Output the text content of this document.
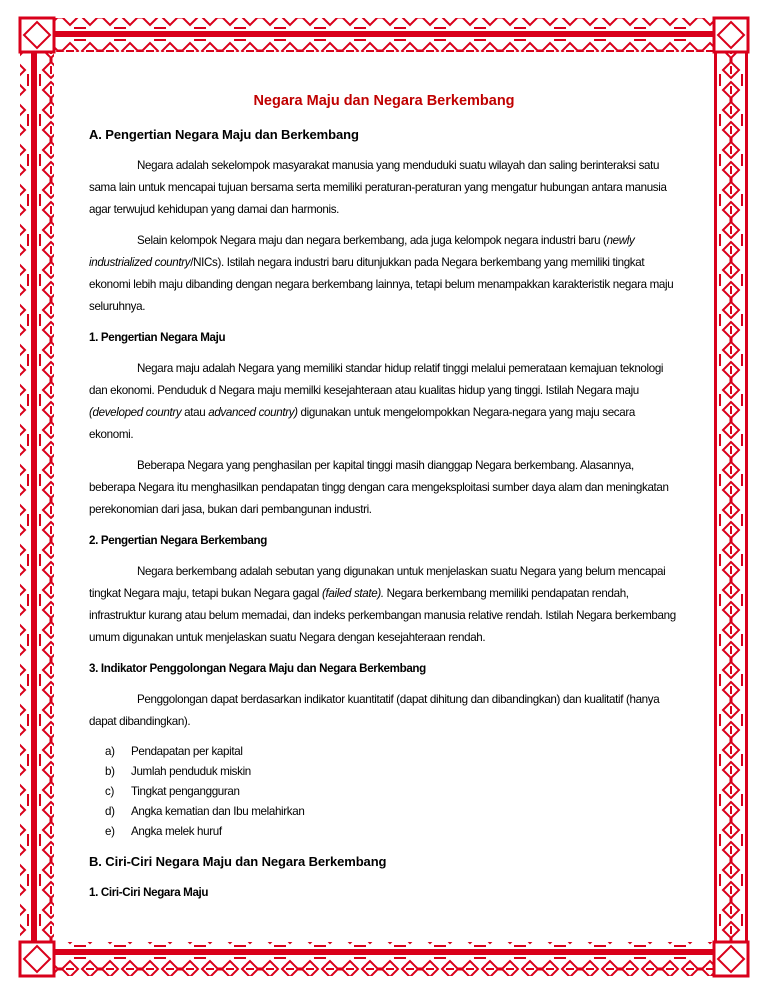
Negara Maju dan Negara Berkembang
A. Pengertian Negara Maju dan Berkembang

Negara adalah sekelompok masyarakat manusia yang menduduki suatu wilayah dan saling berinteraksi satu sama lain untuk mencapai tujuan bersama serta memiliki peraturan-peraturan yang mengatur hubungan antara manusia agar terwujud kehidupan yang damai dan harmonis.

Selain kelompok Negara maju dan negara berkembang, ada juga kelompok negara industri baru (newly industrialized country/NICs). Istilah negara industri baru ditunjukkan pada Negara berkembang yang memiliki tingkat ekonomi lebih maju dibanding dengan negara berkembang lainnya, tetapi belum menampakkan karakteristik negara maju seluruhnya.

1. Pengertian Negara Maju

Negara maju adalah Negara yang memiliki standar hidup relatif tinggi melalui pemerataan kemajuan teknologi dan ekonomi. Penduduk d Negara maju memilki kesejahteraan atau kualitas hidup yang tinggi. Istilah Negara maju (developed country atau advanced country) digunakan untuk mengelompokkan Negara-negara yang maju secara ekonomi.

Beberapa Negara yang penghasilan per kapital tinggi masih dianggap Negara berkembang. Alasannya, beberapa Negara itu menghasilkan pendapatan tingg dengan cara mengeksploitasi sumber daya alam dan meningkatan perekonomian dari jasa, bukan dari pembangunan industri.

2. Pengertian Negara Berkembang

Negara berkembang adalah sebutan yang digunakan untuk menjelaskan suatu Negara yang belum mencapai tingkat Negara maju, tetapi bukan Negara gagal (failed state). Negara berkembang memiliki pendapatan rendah, infrastruktur kurang atau belum memadai, dan indeks perkembangan manusia relative rendah. Istilah Negara berkembang umum digunakan untuk menjelaskan suatu Negara dengan kesejahteraan rendah.

3. Indikator Penggolongan Negara Maju dan Negara Berkembang

Penggolongan dapat berdasarkan indikator kuantitatif (dapat dihitung dan dibandingkan) dan kualitatif (hanya dapat dibandingkan).

a)	Pendapatan per kapital
b)	Jumlah penduduk miskin
c)	Tingkat pengangguran
d)	Angka kematian dan Ibu melahirkan
e)	Angka melek huruf
B. Ciri-Ciri Negara Maju dan Negara Berkembang
1. Ciri-Ciri Negara Maju
